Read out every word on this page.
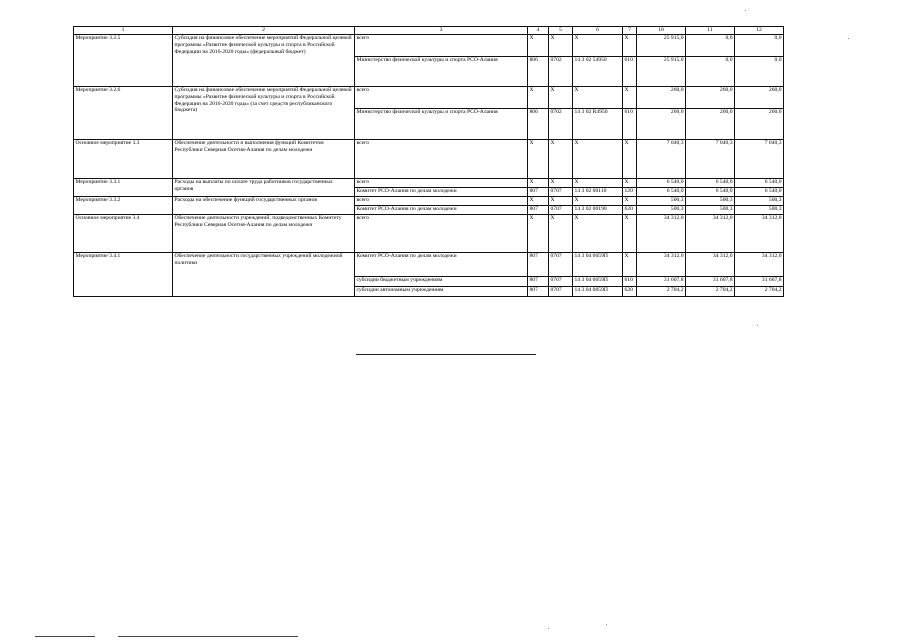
1	2	3	4	5	6	7	10	11	12
Мероприятие 3.2.5	Субсидия на финансовое обеспечение мероприятий Федеральной целевой программы «Развитие физической культуры и спорта в Российской Федерации на 2016-2020 годы» (федеральный бюджет)	всего	X	X	X	X	25 915,0	0,0	0,0
		Министерство физической культуры и спорта РСО-Алания	806	0702	14 3 02 54950	610	25 915,0	0,0	0,0
Мероприятие 3.2.6	Субсидия на финансовое обеспечение мероприятий Федеральной целевой программы «Развитие физической культуры и спорта в Российской Федерации на 2016-2020 годы» (за счет средств республиканского бюджета)	всего	X	X	X	X	260,0	260,0	260,0
		Министерство физической культуры и спорта РСО-Алания	806	0702	14 3 02 R4950	610	260,0	260,0	260,0
Основное мероприятие 3.3	Обеспечение деятельности и выполнения функций Комитетом Республики Северная Осетия-Алания по делам молодежи	всего	X	X	X	X	7 040,3	7 040,3	7 040,3
Мероприятие 3.3.1	Расходы на выплаты по оплате труда работников государственных органов	всего	X	X	X	X	6 540,0	6 540,0	6 540,0
		Комитет РСО-Алания по делам молодежи	807	0707	14 3 02 00110	120	6 540,0	6 540,0	6 540,0
Мероприятие 3.3.2	Расходы на обеспечение функций государственных органов	всего	X	X	X	X	500,3	500,3	500,3
		Комитет РСО-Алания по делам молодежи	807	0707	14 3 02 00190	620	500,3	500,3	500,3
Основное мероприятие 3.4	Обеспечение деятельности учреждений, подведомственных Комитету Республики Северная Осетия-Алания по делам молодежи	всего	X	X	X	X	34 312,0	34 312,0	34 312,0
Мероприятие 3.4.1	Обеспечение деятельности государственных учреждений молодежной политики	Комитет РСО-Алания по делам молодежи	807	0707	14 3 04 0059П	X	34 312,0	34 312,0	34 312,0
		субсидии бюджетным учреждениям	807	0707	14 3 04 0059П	610	31 607,8	31 607,8	31 607,8
		субсидии автономным учреждениям	807	0707	14 3 04 0059П	620	2 704,2	2 704,2	2 704,2
